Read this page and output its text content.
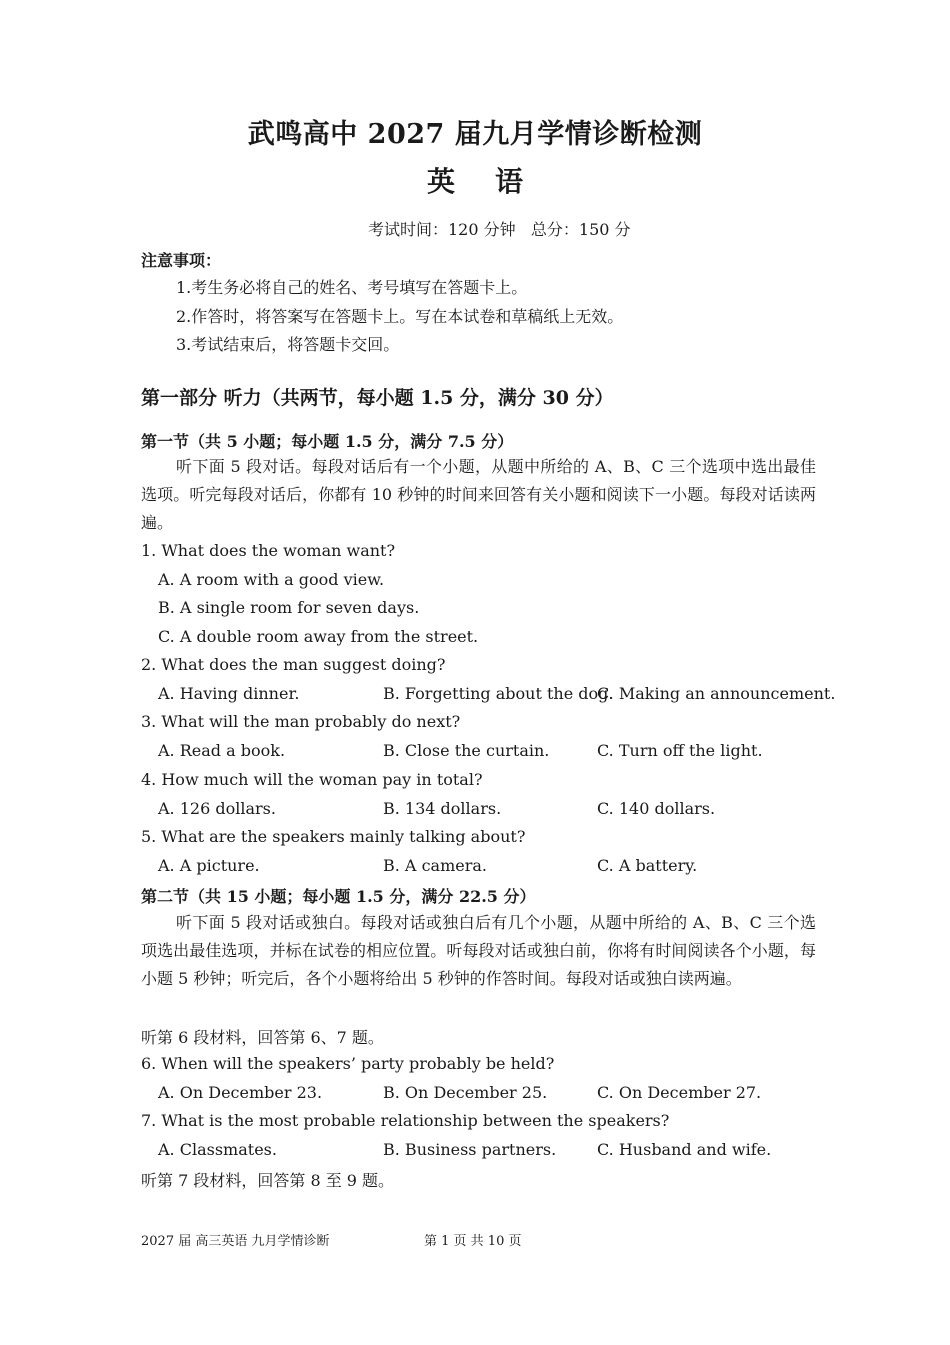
武鸣高中 2027 届九月学情诊断检测
英语
考试时间：120 分钟   总分：150 分
注意事项：
1.考生务必将自己的姓名、考号填写在答题卡上。
2.作答时，将答案写在答题卡上。写在本试卷和草稿纸上无效。
3.考试结束后，将答题卡交回。
第一部分 听力（共两节，每小题 1.5 分，满分 30 分）
第一节（共 5 小题；每小题 1.5 分，满分 7.5 分）
听下面 5 段对话。每段对话后有一个小题，从题中所给的 A、B、C 三个选项中选出最佳选项。听完每段对话后，你都有 10 秒钟的时间来回答有关小题和阅读下一小题。每段对话读两遍。
1. What does the woman want?
A. A room with a good view.
B. A single room for seven days.
C. A double room away from the street.
2. What does the man suggest doing?
A. Having dinner.	B. Forgetting about the dog.
C. Making an announcement.
3. What will the man probably do next?
A. Read a book.	B. Close the curtain.	C. Turn off the light.
4. How much will the woman pay in total?
A. 126 dollars.	B. 134 dollars.	C. 140 dollars.
5. What are the speakers mainly talking about?
A. A picture.	B. A camera.	C. A battery.
第二节（共 15 小题；每小题 1.5 分，满分 22.5 分）
听下面 5 段对话或独白。每段对话或独白后有几个小题，从题中所给的 A、B、C 三个选项选出最佳选项，并标在试卷的相应位置。听每段对话或独白前，你将有时间阅读各个小题，每小题 5 秒钟；听完后，各个小题将给出 5 秒钟的作答时间。每段对话或独白读两遍。
听第 6 段材料，回答第 6、7 题。
6. When will the speakers’ party probably be held?
A. On December 23.	B. On December 25.	C. On December 27.
7. What is the most probable relationship between the speakers?
A. Classmates.	B. Business partners.	C. Husband and wife.
听第 7 段材料，回答第 8 至 9 题。
2027 届 高三英语 九月学情诊断	第 1 页 共 10 页
